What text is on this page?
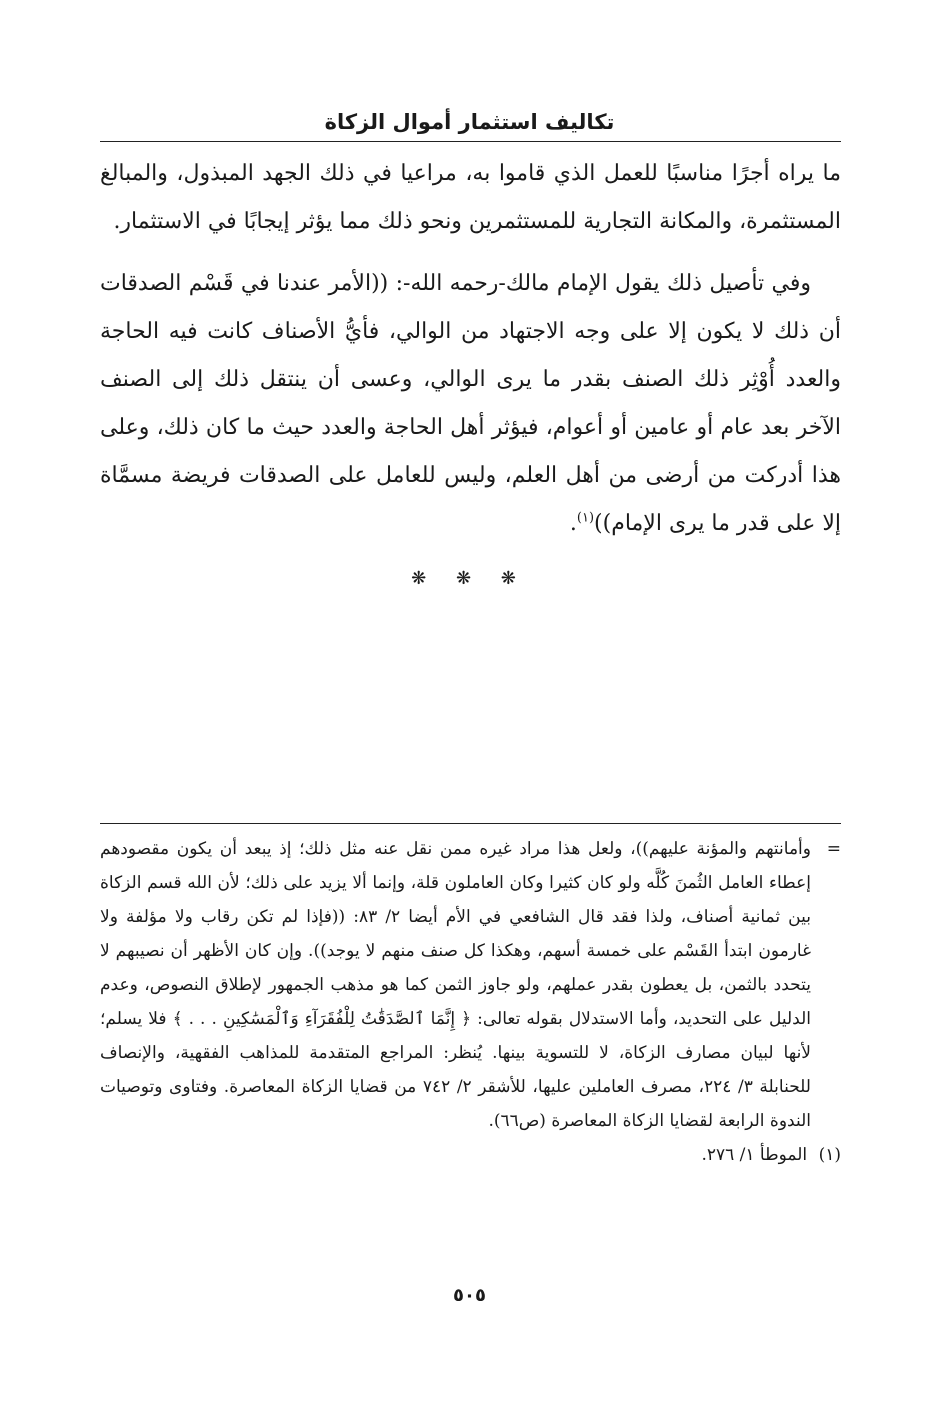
تكاليف استثمار أموال الزكاة

ما يراه أجرًا مناسبًا للعمل الذي قاموا به، مراعيا في ذلك الجهد المبذول، والمبالغ المستثمرة، والمكانة التجارية للمستثمرين ونحو ذلك مما يؤثر إيجابًا في الاستثمار.

وفي تأصيل ذلك يقول الإمام مالك-رحمه الله-: ((الأمر عندنا في قَسْم الصدقات أن ذلك لا يكون إلا على وجه الاجتهاد من الوالي، فأيُّ الأصناف كانت فيه الحاجة والعدد أُوْثِر ذلك الصنف بقدر ما يرى الوالي، وعسى أن ينتقل ذلك إلى الصنف الآخر بعد عام أو عامين أو أعوام، فيؤثر أهل الحاجة والعدد حيث ما كان ذلك، وعلى هذا أدركت من أرضى من أهل العلم، وليس للعامل على الصدقات فريضة مسمَّاة إلا على قدر ما يرى الإمام))$^{(١)}$.

❋ ❋ ❋

=
وأمانتهم والمؤنة عليهم))، ولعل هذا مراد غيره ممن نقل عنه مثل ذلك؛ إذ يبعد أن يكون مقصودهم إعطاء العامل الثُمنَ كُلَّه ولو كان كثيرا وكان العاملون قلة، وإنما ألا يزيد على ذلك؛ لأن الله قسم الزكاة بين ثمانية أصناف، ولذا فقد قال الشافعي في الأم أيضا ٢/ ٨٣: ((فإذا لم تكن رقاب ولا مؤلفة ولا غارمون ابتدأ القَسْم على خمسة أسهم، وهكذا كل صنف منهم لا يوجد)). وإن كان الأظهر أن نصيبهم لا يتحدد بالثمن، بل يعطون بقدر عملهم، ولو جاوز الثمن كما هو مذهب الجمهور لإطلاق النصوص، وعدم الدليل على التحديد، وأما الاستدلال بقوله تعالى: ﴿ إِنَّمَا ٱلصَّدَقَٰتُ لِلْفُقَرَآءِ وَٱلْمَسَٰكِينِ . . . ﴾ فلا يسلم؛ لأنها لبيان مصارف الزكاة، لا للتسوية بينها. يُنظر: المراجع المتقدمة للمذاهب الفقهية، والإنصاف للحنابلة ٣/ ٢٢٤، مصرف العاملين عليها، للأشقر ٢/ ٧٤٢ من قضايا الزكاة المعاصرة. وفتاوى وتوصيات الندوة الرابعة لقضايا الزكاة المعاصرة (ص٦٦).

(١) الموطأ ١/ ٢٧٦.

٥٠٥
